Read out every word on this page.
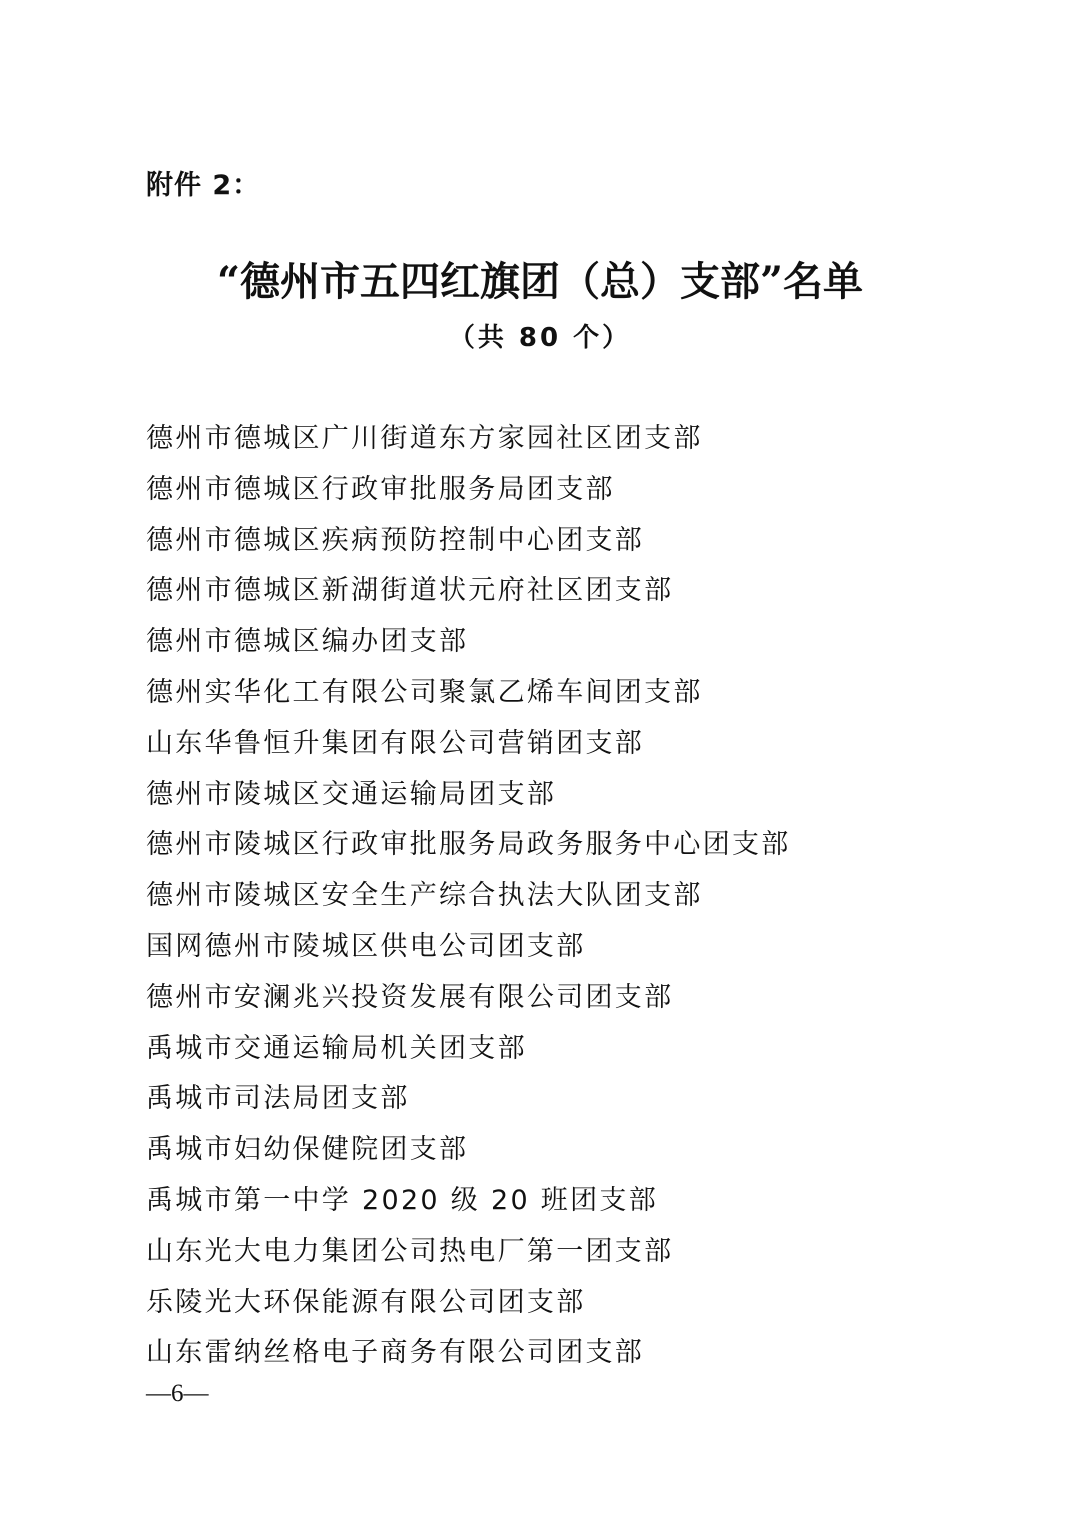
附件 2：
“德州市五四红旗团（总）支部”名单
（共 80 个）
德州市德城区广川街道东方家园社区团支部
德州市德城区行政审批服务局团支部
德州市德城区疾病预防控制中心团支部
德州市德城区新湖街道状元府社区团支部
德州市德城区编办团支部
德州实华化工有限公司聚氯乙烯车间团支部
山东华鲁恒升集团有限公司营销团支部
德州市陵城区交通运输局团支部
德州市陵城区行政审批服务局政务服务中心团支部
德州市陵城区安全生产综合执法大队团支部
国网德州市陵城区供电公司团支部
德州市安澜兆兴投资发展有限公司团支部
禹城市交通运输局机关团支部
禹城市司法局团支部
禹城市妇幼保健院团支部
禹城市第一中学 2020 级 20 班团支部
山东光大电力集团公司热电厂第一团支部
乐陵光大环保能源有限公司团支部
山东雷纳丝格电子商务有限公司团支部
—6—
